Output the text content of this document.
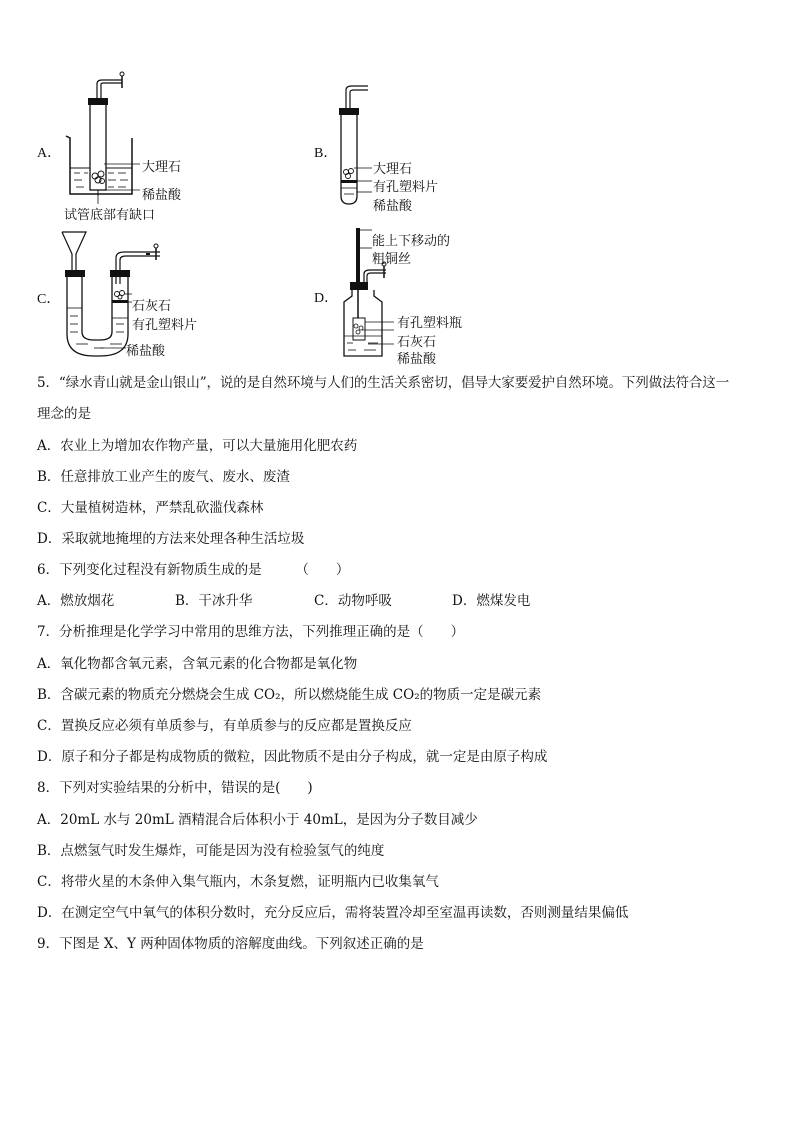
A．
大理石
稀盐酸
试管底部有缺口
B．
大理石
有孔塑料片
稀盐酸
C．	石灰石
有孔塑料片
稀盐酸
D．
能上下移动的
粗铜丝
有孔塑料瓶
石灰石
稀盐酸
5．“绿水青山就是金山银山”，说的是自然环境与人们的生活关系密切，倡导大家要爱护自然环境。下列做法符合这一
理念的是
A．农业上为增加农作物产量，可以大量施用化肥农药
B．任意排放工业产生的废气、废水、废渣
C．大量植树造林，严禁乱砍滥伐森林
D．采取就地掩埋的方法来处理各种生活垃圾
6．下列变化过程没有新物质生成的是　　　（　　）
A．燃放烟花	B．干冰升华	C．动物呼吸	D．燃煤发电
7．分析推理是化学学习中常用的思维方法，下列推理正确的是（　　）
A．氧化物都含氧元素，含氧元素的化合物都是氧化物
B．含碳元素的物质充分燃烧会生成 CO₂，所以燃烧能生成 CO₂的物质一定是碳元素
C．置换反应必须有单质参与，有单质参与的反应都是置换反应
D．原子和分子都是构成物质的微粒，因此物质不是由分子构成，就一定是由原子构成
8．下列对实验结果的分析中，错误的是(　　)
A．20mL 水与 20mL 酒精混合后体积小于 40mL，是因为分子数目减少
B．点燃氢气时发生爆炸，可能是因为没有检验氢气的纯度
C．将带火星的木条伸入集气瓶内，木条复燃，证明瓶内已收集氧气
D．在测定空气中氧气的体积分数时，充分反应后，需将装置冷却至室温再读数，否则测量结果偏低
9．下图是 X、Y 两种固体物质的溶解度曲线。下列叙述正确的是
